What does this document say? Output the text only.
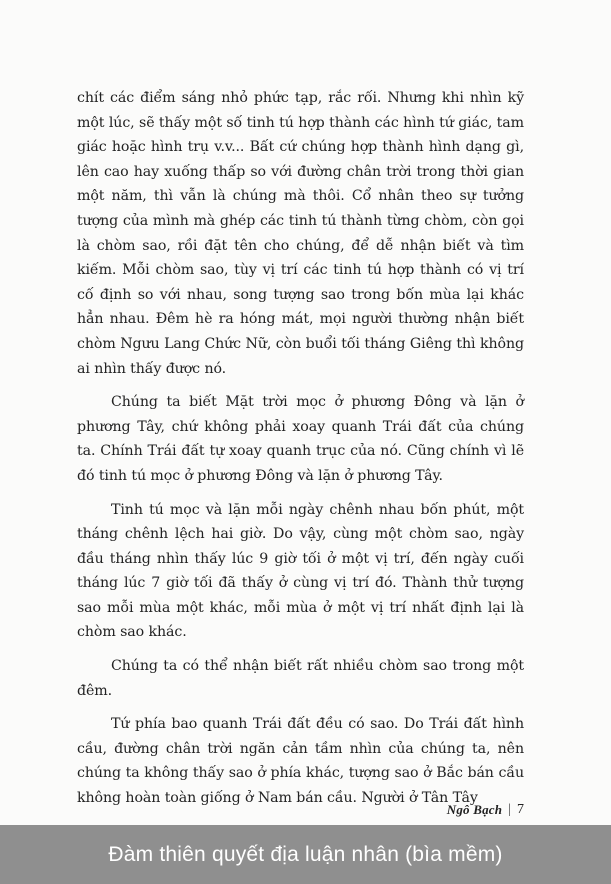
chít các điểm sáng nhỏ phức tạp, rắc rối. Nhưng khi nhìn kỹ một lúc, sẽ thấy một số tinh tú hợp thành các hình tứ giác, tam giác hoặc hình trụ v.v... Bất cứ chúng hợp thành hình dạng gì, lên cao hay xuống thấp so với đường chân trời trong thời gian một năm, thì vẫn là chúng mà thôi. Cổ nhân theo sự tưởng tượng của mình mà ghép các tinh tú thành từng chòm, còn gọi là chòm sao, rồi đặt tên cho chúng, để dễ nhận biết và tìm kiếm. Mỗi chòm sao, tùy vị trí các tinh tú hợp thành có vị trí cố định so với nhau, song tượng sao trong bốn mùa lại khác hẳn nhau. Đêm hè ra hóng mát, mọi người thường nhận biết chòm Ngưu Lang Chức Nữ, còn buổi tối tháng Giêng thì không ai nhìn thấy được nó.

Chúng ta biết Mặt trời mọc ở phương Đông và lặn ở phương Tây, chứ không phải xoay quanh Trái đất của chúng ta. Chính Trái đất tự xoay quanh trục của nó. Cũng chính vì lẽ đó tinh tú mọc ở phương Đông và lặn ở phương Tây.

Tinh tú mọc và lặn mỗi ngày chênh nhau bốn phút, một tháng chênh lệch hai giờ. Do vậy, cùng một chòm sao, ngày đầu tháng nhìn thấy lúc 9 giờ tối ở một vị trí, đến ngày cuối tháng lúc 7 giờ tối đã thấy ở cùng vị trí đó. Thành thử tượng sao mỗi mùa một khác, mỗi mùa ở một vị trí nhất định lại là chòm sao khác.

Chúng ta có thể nhận biết rất nhiều chòm sao trong một đêm.

Tứ phía bao quanh Trái đất đều có sao. Do Trái đất hình cầu, đường chân trời ngăn cản tầm nhìn của chúng ta, nên chúng ta không thấy sao ở phía khác, tượng sao ở Bắc bán cầu không hoàn toàn giống ở Nam bán cầu. Người ở Tân Tây

Ngô Bạch | 7
Đàm thiên quyết địa luận nhân (bìa mềm)
